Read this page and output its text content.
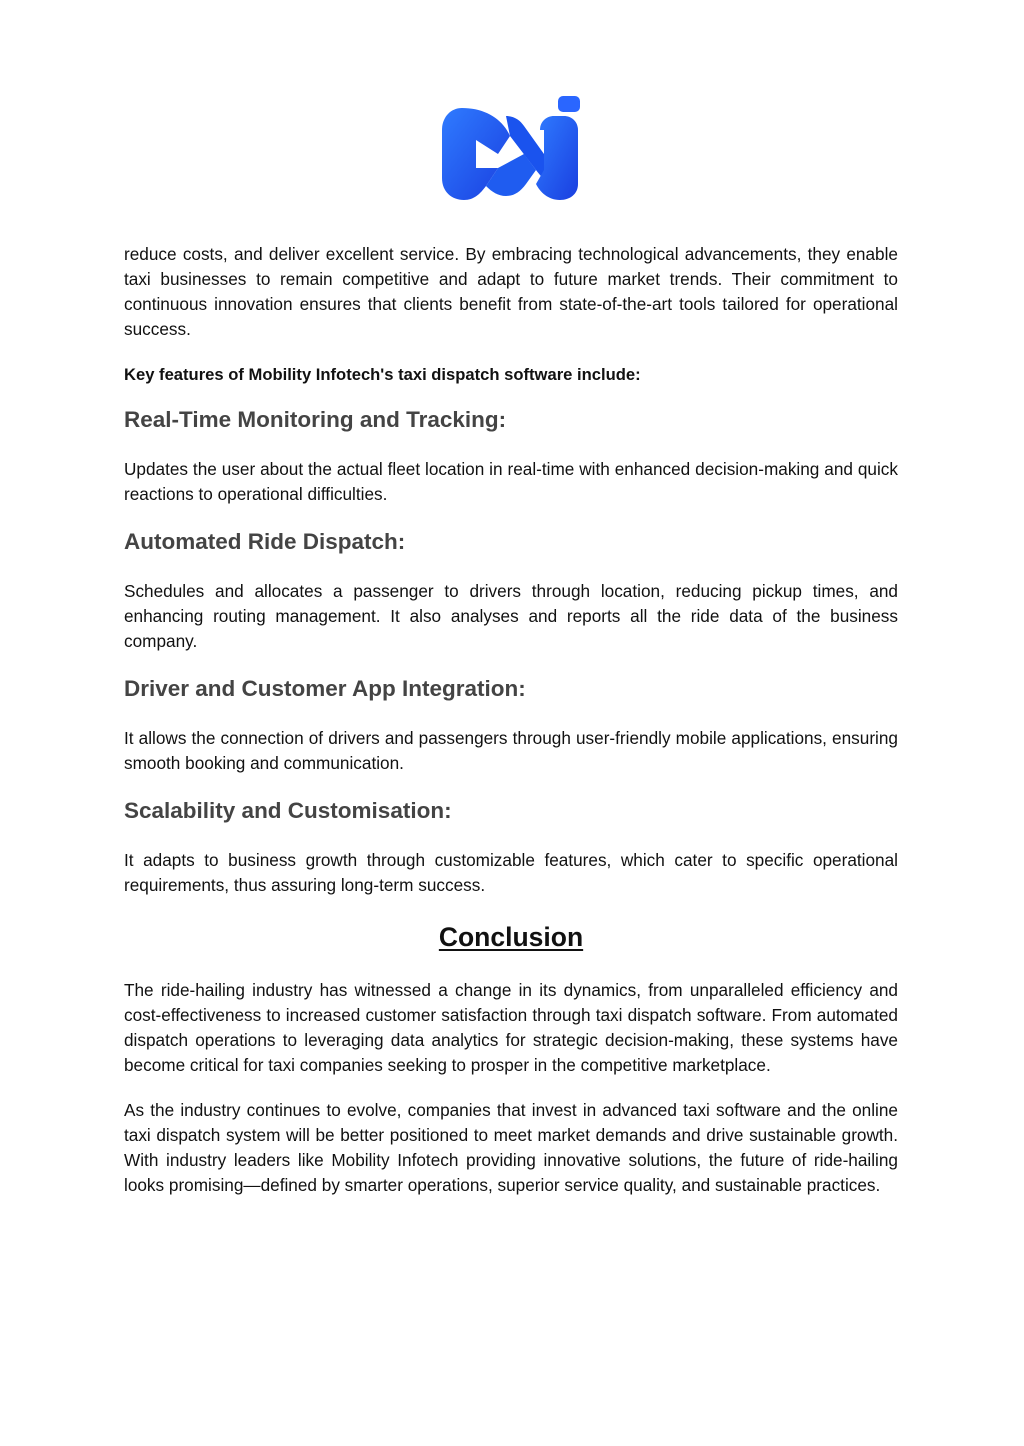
reduce costs, and deliver excellent service. By embracing technological advancements, they enable taxi businesses to remain competitive and adapt to future market trends. Their commitment to continuous innovation ensures that clients benefit from state-of-the-art tools tailored for operational success.

Key features of Mobility Infotech's taxi dispatch software include:

Real-Time Monitoring and Tracking:

Updates the user about the actual fleet location in real-time with enhanced decision-making and quick reactions to operational difficulties.

Automated Ride Dispatch:

Schedules and allocates a passenger to drivers through location, reducing pickup times, and enhancing routing management. It also analyses and reports all the ride data of the business company.

Driver and Customer App Integration:

It allows the connection of drivers and passengers through user-friendly mobile applications, ensuring smooth booking and communication.

Scalability and Customisation:

It adapts to business growth through customizable features, which cater to specific operational requirements, thus assuring long-term success.

Conclusion

The ride-hailing industry has witnessed a change in its dynamics, from unparalleled efficiency and cost-effectiveness to increased customer satisfaction through taxi dispatch software. From automated dispatch operations to leveraging data analytics for strategic decision-making, these systems have become critical for taxi companies seeking to prosper in the competitive marketplace.

As the industry continues to evolve, companies that invest in advanced taxi software and the online taxi dispatch system will be better positioned to meet market demands and drive sustainable growth. With industry leaders like Mobility Infotech providing innovative solutions, the future of ride-hailing looks promising—defined by smarter operations, superior service quality, and sustainable practices.
